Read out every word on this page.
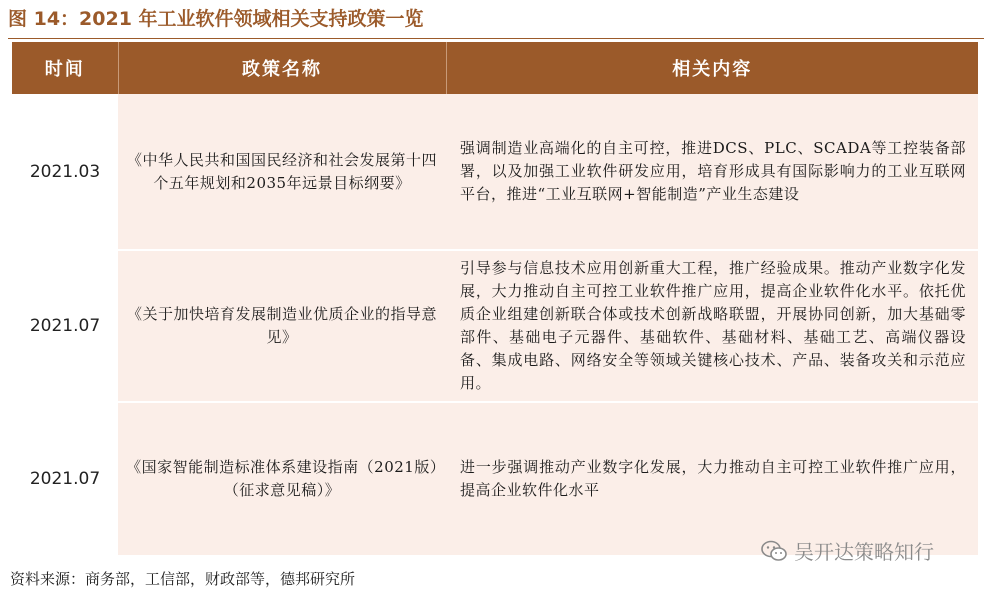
图 14：2021 年工业软件领域相关支持政策一览
时间	政策名称	相关内容
2021.03	《中华人民共和国国民经济和社会发展第十四个五年规划和2035年远景目标纲要》	强调制造业高端化的自主可控，推进DCS、PLC、SCADA等工控装备部署，以及加强工业软件研发应用，培育形成具有国际影响力的工业互联网平台，推进“工业互联网+智能制造”产业生态建设
2021.07	《关于加快培育发展制造业优质企业的指导意见》	引导参与信息技术应用创新重大工程，推广经验成果。推动产业数字化发展，大力推动自主可控工业软件推广应用，提高企业软件化水平。依托优质企业组建创新联合体或技术创新战略联盟，开展协同创新，加大基础零部件、基础电子元器件、基础软件、基础材料、基础工艺、高端仪器设备、集成电路、网络安全等领域关键核心技术、产品、装备攻关和示范应用。
2021.07	《国家智能制造标准体系建设指南（2021版）（征求意见稿）》	进一步强调推动产业数字化发展，大力推动自主可控工业软件推广应用，提高企业软件化水平
资料来源：商务部，工信部，财政部等，德邦研究所
吴开达策略知行
